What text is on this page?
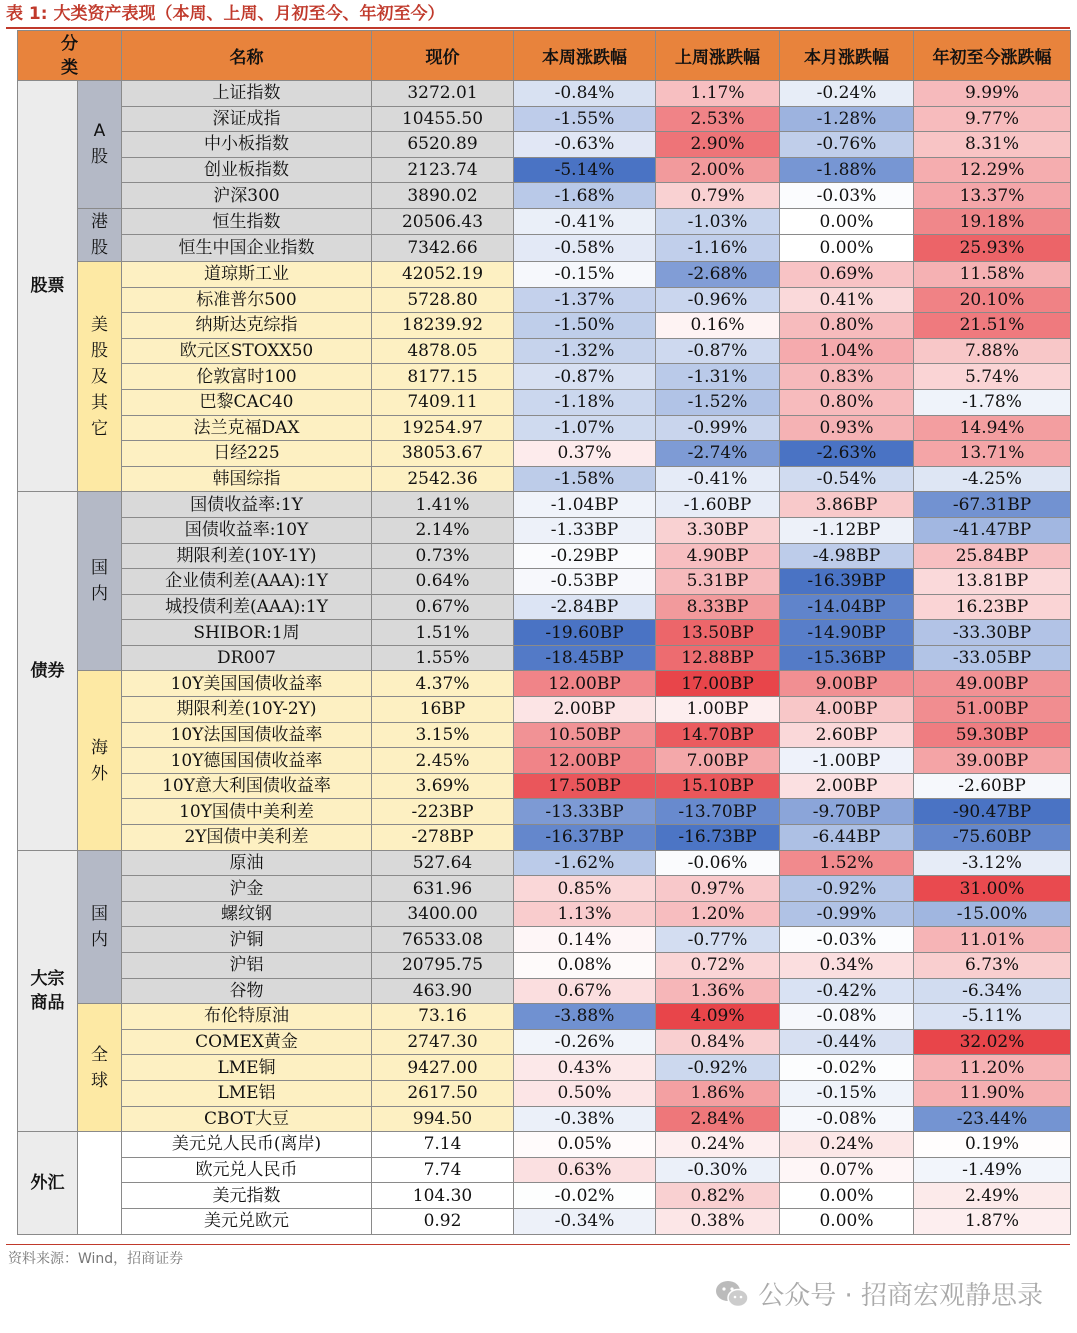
表 1: 大类资产表现（本周、上周、月初至今、年初至今）
分类		名称	现价	本周涨跌幅	上周涨跌幅	本月涨跌幅	年初至今涨跌幅
股票	A股	上证指数	3272.01	-0.84%	1.17%	-0.24%	9.99%
		深证成指	10455.50	-1.55%	2.53%	-1.28%	9.77%
		中小板指数	6520.89	-0.63%	2.90%	-0.76%	8.31%
		创业板指数	2123.74	-5.14%	2.00%	-1.88%	12.29%
		沪深300	3890.02	-1.68%	0.79%	-0.03%	13.37%
	港股	恒生指数	20506.43	-0.41%	-1.03%	0.00%	19.18%
		恒生中国企业指数	7342.66	-0.58%	-1.16%	0.00%	25.93%
	美股及其它	道琼斯工业	42052.19	-0.15%	-2.68%	0.69%	11.58%
		标准普尔500	5728.80	-1.37%	-0.96%	0.41%	20.10%
		纳斯达克综指	18239.92	-1.50%	0.16%	0.80%	21.51%
		欧元区STOXX50	4878.05	-1.32%	-0.87%	1.04%	7.88%
		伦敦富时100	8177.15	-0.87%	-1.31%	0.83%	5.74%
		巴黎CAC40	7409.11	-1.18%	-1.52%	0.80%	-1.78%
		法兰克福DAX	19254.97	-1.07%	-0.99%	0.93%	14.94%
		日经225	38053.67	0.37%	-2.74%	-2.63%	13.71%
		韩国综指	2542.36	-1.58%	-0.41%	-0.54%	-4.25%
债券	国内	国债收益率:1Y	1.41%	-1.04BP	-1.60BP	3.86BP	-67.31BP
		国债收益率:10Y	2.14%	-1.33BP	3.30BP	-1.12BP	-41.47BP
		期限利差(10Y-1Y)	0.73%	-0.29BP	4.90BP	-4.98BP	25.84BP
		企业债利差(AAA):1Y	0.64%	-0.53BP	5.31BP	-16.39BP	13.81BP
		城投债利差(AAA):1Y	0.67%	-2.84BP	8.33BP	-14.04BP	16.23BP
		SHIBOR:1周	1.51%	-19.60BP	13.50BP	-14.90BP	-33.30BP
		DR007	1.55%	-18.45BP	12.88BP	-15.36BP	-33.05BP
	海外	10Y美国国债收益率	4.37%	12.00BP	17.00BP	9.00BP	49.00BP
		期限利差(10Y-2Y)	16BP	2.00BP	1.00BP	4.00BP	51.00BP
		10Y法国国债收益率	3.15%	10.50BP	14.70BP	2.60BP	59.30BP
		10Y德国国债收益率	2.45%	12.00BP	7.00BP	-1.00BP	39.00BP
		10Y意大利国债收益率	3.69%	17.50BP	15.10BP	2.00BP	-2.60BP
		10Y国债中美利差	-223BP	-13.33BP	-13.70BP	-9.70BP	-90.47BP
		2Y国债中美利差	-278BP	-16.37BP	-16.73BP	-6.44BP	-75.60BP
大宗商品	国内	原油	527.64	-1.62%	-0.06%	1.52%	-3.12%
		沪金	631.96	0.85%	0.97%	-0.92%	31.00%
		螺纹钢	3400.00	1.13%	1.20%	-0.99%	-15.00%
		沪铜	76533.08	0.14%	-0.77%	-0.03%	11.01%
		沪铝	20795.75	0.08%	0.72%	0.34%	6.73%
		谷物	463.90	0.67%	1.36%	-0.42%	-6.34%
	全球	布伦特原油	73.16	-3.88%	4.09%	-0.08%	-5.11%
		COMEX黄金	2747.30	-0.26%	0.84%	-0.44%	32.02%
		LME铜	9427.00	0.43%	-0.92%	-0.02%	11.20%
		LME铝	2617.50	0.50%	1.86%	-0.15%	11.90%
		CBOT大豆	994.50	-0.38%	2.84%	-0.08%	-23.44%
外汇		美元兑人民币(离岸)	7.14	0.05%	0.24%	0.24%	0.19%
		欧元兑人民币	7.74	0.63%	-0.30%	0.07%	-1.49%
		美元指数	104.30	-0.02%	0.82%	0.00%	2.49%
		美元兑欧元	0.92	-0.34%	0.38%	0.00%	1.87%
资料来源：Wind，招商证券
公众号 · 招商宏观静思录
